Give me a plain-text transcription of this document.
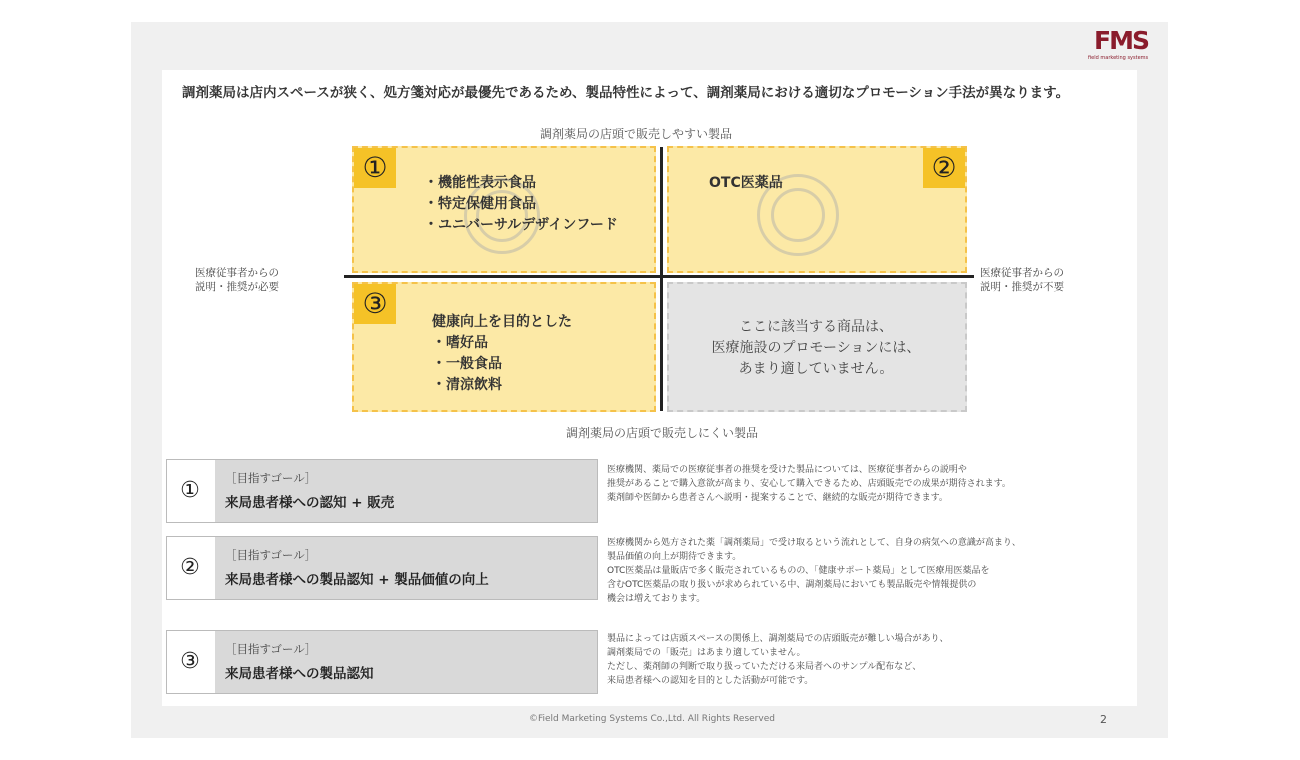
FMS
field marketing systems
調剤薬局は店内スペースが狭く、処方箋対応が最優先であるため、製品特性によって、調剤薬局における適切なプロモーション手法が異なります。
調剤薬局の店頭で販売しやすい製品
調剤薬局の店頭で販売しにくい製品
医療従事者からの
説明・推奨が必要
医療従事者からの
説明・推奨が不要
①	・機能性表示食品
・特定保健用食品
・ユニバーサルデザインフード
②
OTC医薬品
③
健康向上を目的とした
・嗜好品
・一般食品
・清涼飲料
ここに該当する商品は、
医療施設のプロモーションには、
あまり適していません。
①	［目指すゴール］
来局患者様への認知 + 販売
医療機関、薬局での医療従事者の推奨を受けた製品については、医療従事者からの説明や
推奨があることで購入意欲が高まり、安心して購入できるため、店頭販売での成果が期待されます。
薬剤師や医師から患者さんへ説明・提案することで、継続的な販売が期待できます。
②	［目指すゴール］
来局患者様への製品認知 + 製品価値の向上
医療機関から処方された薬「調剤薬局」で受け取るという流れとして、自身の病気への意識が高まり、
製品価値の向上が期待できます。
OTC医薬品は量販店で多く販売されているものの、「健康サポート薬局」として医療用医薬品を
含むOTC医薬品の取り扱いが求められている中、調剤薬局においても製品販売や情報提供の
機会は増えております。
③	［目指すゴール］
来局患者様への製品認知
製品によっては店頭スペースの関係上、調剤薬局での店頭販売が難しい場合があり、
調剤薬局での「販売」はあまり適していません。
ただし、薬剤師の判断で取り扱っていただける来局者へのサンプル配布など、
来局患者様への認知を目的とした活動が可能です。
©Field Marketing Systems Co.,Ltd. All Rights Reserved	2
